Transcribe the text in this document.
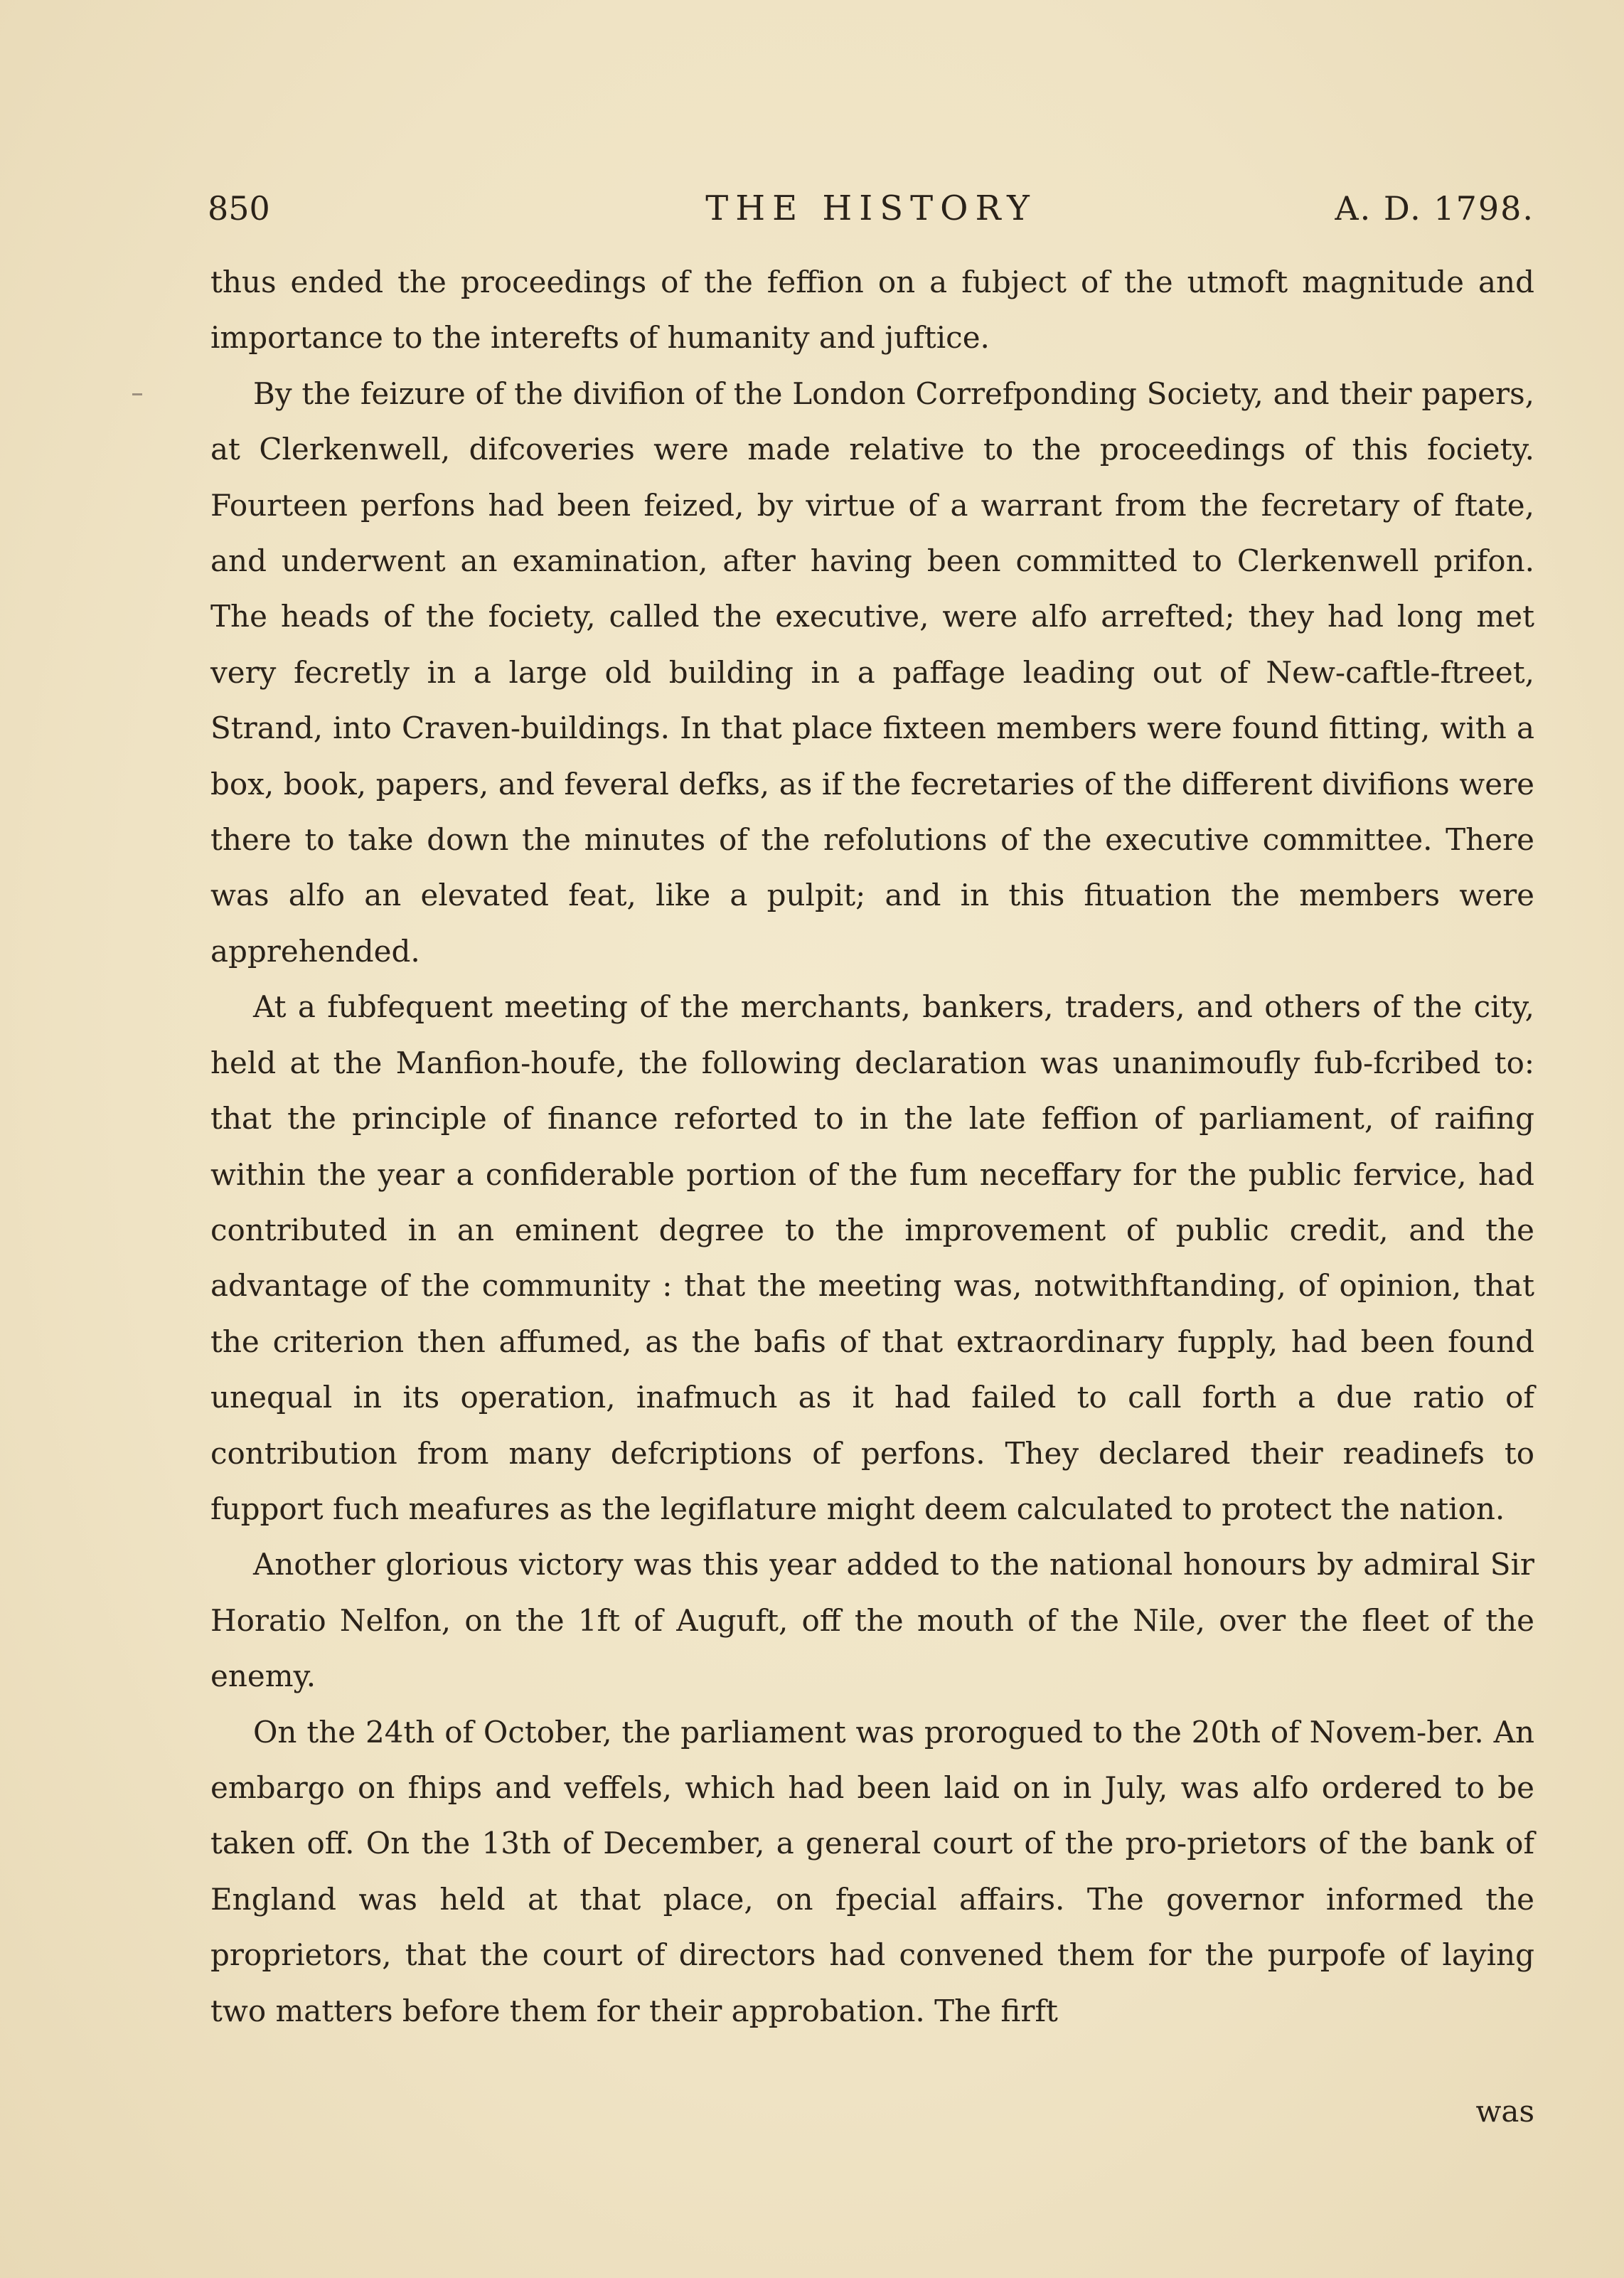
850	THE HISTORY	A. D. 1798.

thus ended the proceedings of the feffion on a fubject of the utmoft magnitude and importance to the interefts of humanity and juftice.

By the feizure of the divifion of the London Correfponding Society, and their papers, at Clerkenwell, difcoveries were made relative to the proceedings of this fociety. Fourteen perfons had been feized, by virtue of a warrant from the fecretary of ftate, and underwent an examination, after having been committed to Clerkenwell prifon. The heads of the fociety, called the executive, were alfo arrefted; they had long met very fecretly in a large old building in a paffage leading out of New-caftle-ftreet, Strand, into Craven-buildings. In that place fixteen members were found fitting, with a box, book, papers, and feveral defks, as if the fecretaries of the different divifions were there to take down the minutes of the refolutions of the executive committee. There was alfo an elevated feat, like a pulpit; and in this fituation the members were apprehended.

At a fubfequent meeting of the merchants, bankers, traders, and others of the city, held at the Manfion-houfe, the following declaration was unanimoufly fub-fcribed to: that the principle of finance reforted to in the late feffion of parliament, of raifing within the year a confiderable portion of the fum neceffary for the public fervice, had contributed in an eminent degree to the improvement of public credit, and the advantage of the community : that the meeting was, notwithftanding, of opinion, that the criterion then affumed, as the bafis of that extraordinary fupply, had been found unequal in its operation, inafmuch as it had failed to call forth a due ratio of contribution from many defcriptions of perfons. They declared their readinefs to fupport fuch meafures as the legiflature might deem calculated to protect the nation.

Another glorious victory was this year added to the national honours by admiral Sir Horatio Nelfon, on the 1ft of Auguft, off the mouth of the Nile, over the fleet of the enemy.

On the 24th of October, the parliament was prorogued to the 20th of Novem-ber. An embargo on fhips and veffels, which had been laid on in July, was alfo ordered to be taken off. On the 13th of December, a general court of the pro-prietors of the bank of England was held at that place, on fpecial affairs. The governor informed the proprietors, that the court of directors had convened them for the purpofe of laying two matters before them for their approbation. The firft

was
